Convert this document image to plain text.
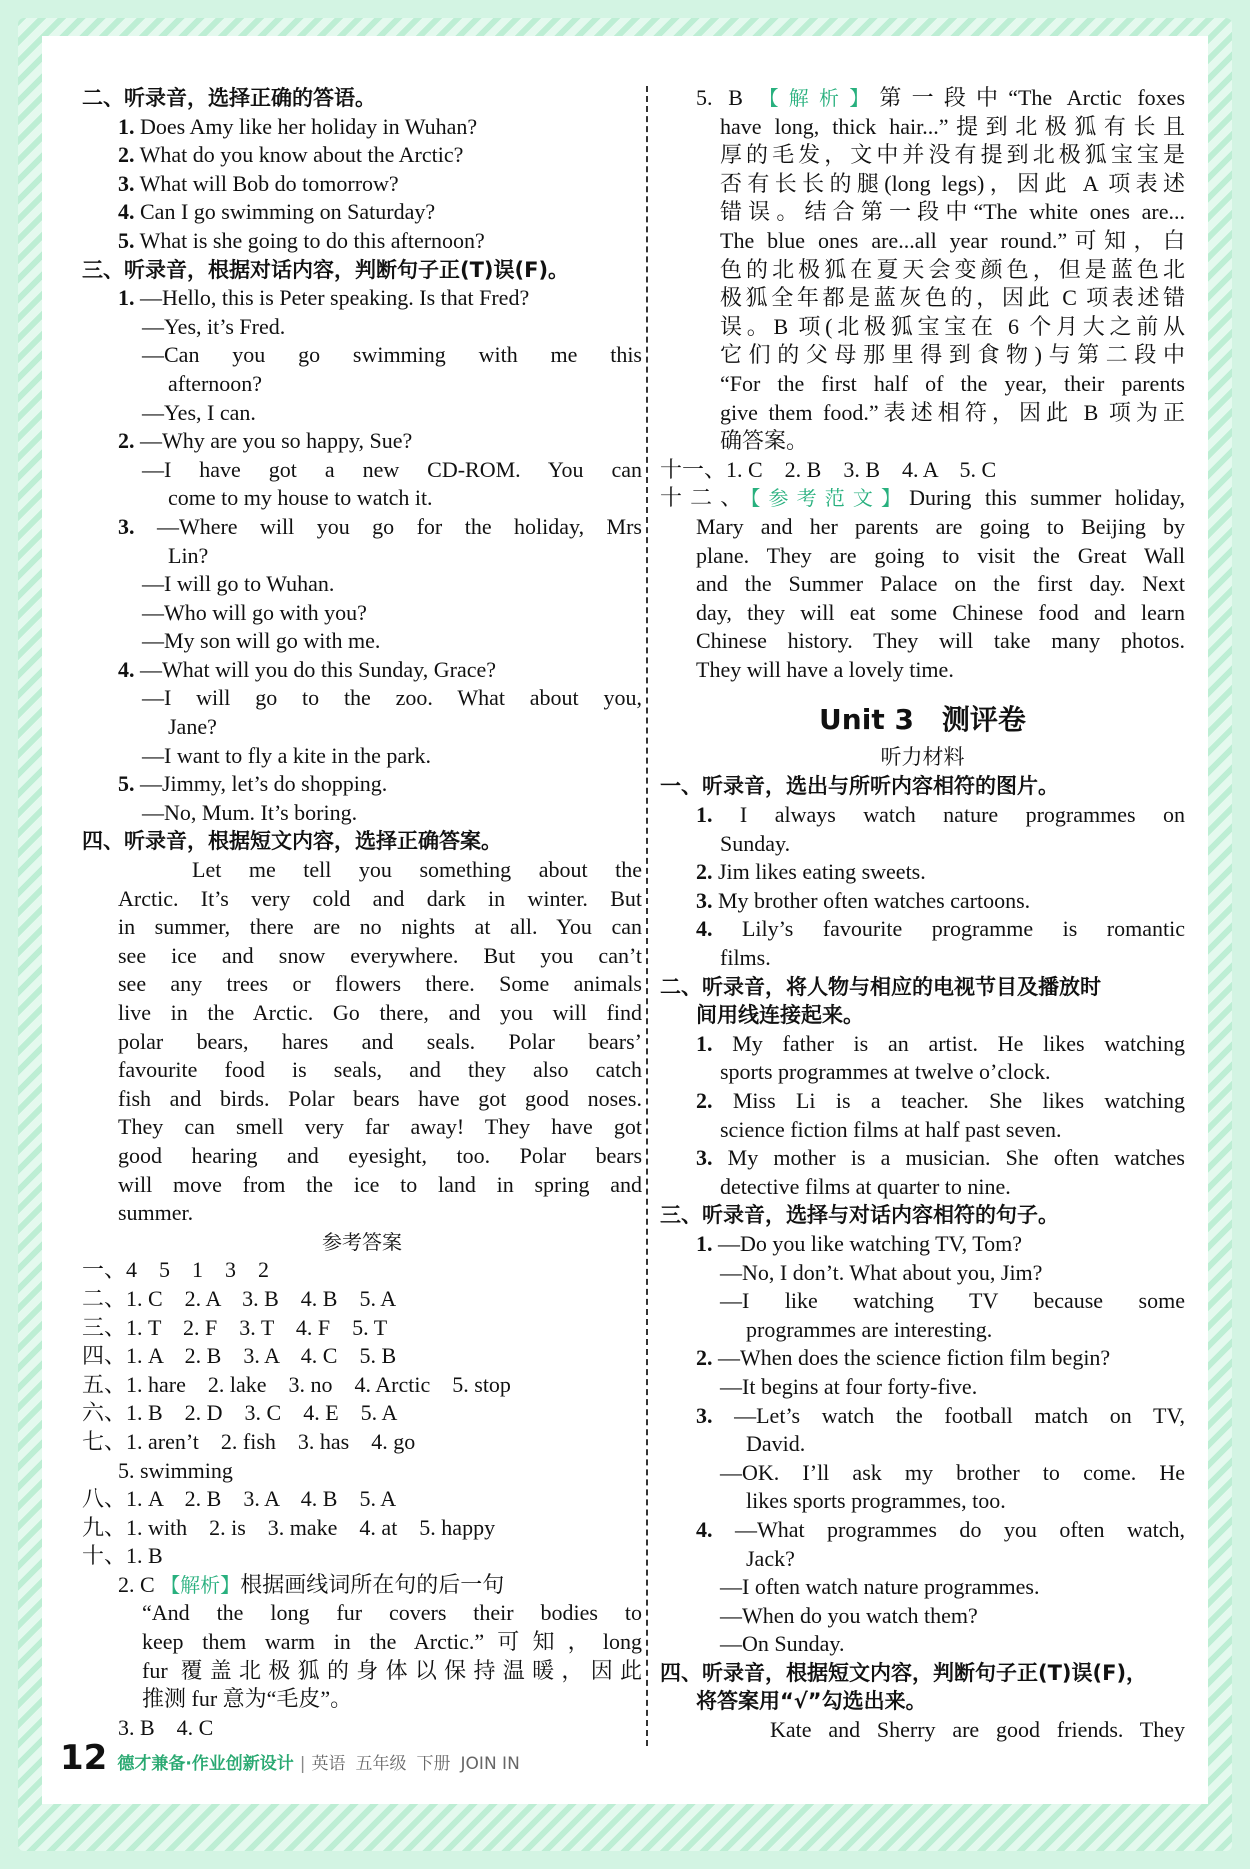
二、听录音，选择正确的答语。
1. Does Amy like her holiday in Wuhan?
2. What do you know about the Arctic?
3. What will Bob do tomorrow?
4. Can I go swimming on Saturday?
5. What is she going to do this afternoon?
三、听录音，根据对话内容，判断句子正(T)误(F)。
1. —Hello, this is Peter speaking. Is that Fred?
—Yes, it’s Fred.
—Can you go swimming with me this
afternoon?
—Yes, I can.
2. —Why are you so happy, Sue?
—I have got a new CD-ROM. You can
come to my house to watch it.
3. —Where will you go for the holiday, Mrs
Lin?
—I will go to Wuhan.
—Who will go with you?
—My son will go with me.
4. —What will you do this Sunday, Grace?
—I will go to the zoo. What about you,
Jane?
—I want to fly a kite in the park.
5. —Jimmy, let’s do shopping.
—No, Mum. It’s boring.
四、听录音，根据短文内容，选择正确答案。
Let me tell you something about the
Arctic. It’s very cold and dark in winter. But
in summer, there are no nights at all. You can
see ice and snow everywhere. But you can’t
see any trees or flowers there. Some animals
live in the Arctic. Go there, and you will find
polar bears, hares and seals. Polar bears’
favourite food is seals, and they also catch
fish and birds. Polar bears have got good noses.
They can smell very far away! They have got
good hearing and eyesight, too. Polar bears
will move from the ice to land in spring and
summer.
参考答案
一、4　5　1　3　2
二、1. C　2. A　3. B　4. B　5. A
三、1. T　2. F　3. T　4. F　5. T
四、1. A　2. B　3. A　4. C　5. B
五、1. hare　2. lake　3. no　4. Arctic　5. stop
六、1. B　2. D　3. C　4. E　5. A
七、1. aren’t　2. fish　3. has　4. go
5. swimming
八、1. A　2. B　3. A　4. B　5. A
九、1. with　2. is　3. make　4. at　5. happy
十、1. B
2. C 【解析】根据画线词所在句的后一句
“And the long fur covers their bodies to
keep them warm in the Arctic.”可知，long
fur 覆盖北极狐的身体以保持温暖，因此
推测 fur 意为“毛皮”。
3. B　4. C
5. B 【解析】第一段中“The Arctic foxes
have long, thick hair...”提到北极狐有长且
厚的毛发，文中并没有提到北极狐宝宝是
否有长长的腿(long legs)，因此 A 项表述
错误。结合第一段中“The white ones are...
The blue ones are...all year round.”可知，白
色的北极狐在夏天会变颜色，但是蓝色北
极狐全年都是蓝灰色的，因此 C 项表述错
误。B 项(北极狐宝宝在 6 个月大之前从
它们的父母那里得到食物)与第二段中
“For the first half of the year, their parents
give them food.”表述相符，因此 B 项为正
确答案。
十一、1. C　2. B　3. B　4. A　5. C
十二、【参考范文】During this summer holiday,
Mary and her parents are going to Beijing by
plane. They are going to visit the Great Wall
and the Summer Palace on the first day. Next
day, they will eat some Chinese food and learn
Chinese history. They will take many photos.
They will have a lovely time.
Unit 3　测评卷
听力材料
一、听录音，选出与所听内容相符的图片。
1. I always watch nature programmes on
Sunday.
2. Jim likes eating sweets.
3. My brother often watches cartoons.
4. Lily’s favourite programme is romantic
films.
二、听录音，将人物与相应的电视节目及播放时
间用线连接起来。
1. My father is an artist. He likes watching
sports programmes at twelve o’clock.
2. Miss Li is a teacher. She likes watching
science fiction films at half past seven.
3. My mother is a musician. She often watches
detective films at quarter to nine.
三、听录音，选择与对话内容相符的句子。
1. —Do you like watching TV, Tom?
—No, I don’t. What about you, Jim?
—I like watching TV because some
programmes are interesting.
2. —When does the science fiction film begin?
—It begins at four forty-five.
3. —Let’s watch the football match on TV,
David.
—OK. I’ll ask my brother to come. He
likes sports programmes, too.
4. —What programmes do you often watch,
Jack?
—I often watch nature programmes.
—When do you watch them?
—On Sunday.
四、听录音，根据短文内容，判断句子正(T)误(F)，
将答案用“√”勾选出来。
Kate and Sherry are good friends. They
12 德才兼备·作业创新设计 | 英语 五年级 下册 JOIN IN
